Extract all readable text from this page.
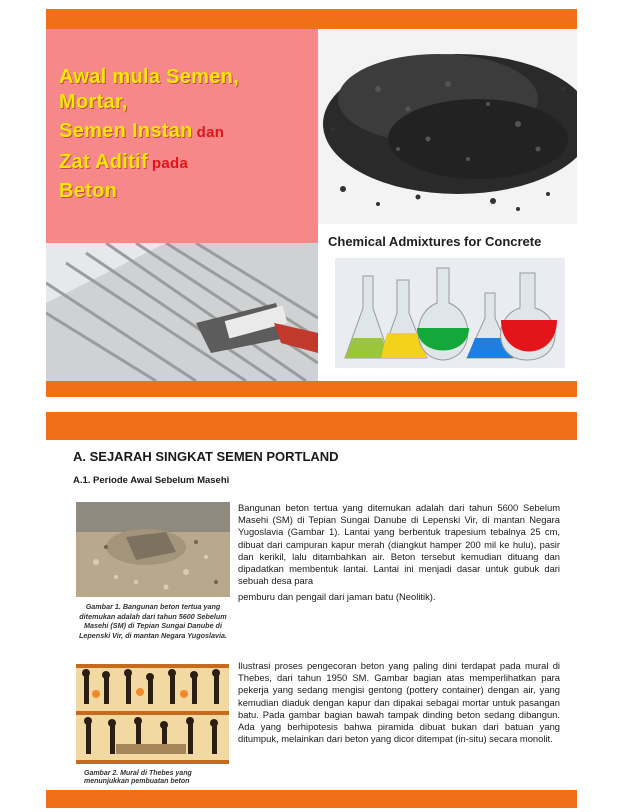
Awal mula Semen,
Mortar,
Semen Instan dan
Zat Aditif pada
Beton
Chemical Admixtures for Concrete
A. SEJARAH SINGKAT SEMEN PORTLAND
A.1. Periode Awal Sebelum Masehi
Gambar 1. Bangunan beton tertua yang ditemukan adalah dari tahun 5600 Sebelum Masehi (SM) di Tepian Sungai Danube di Lepenski Vir, di mantan Negara Yugoslavia.
Bangunan beton tertua yang ditemukan adalah dari tahun 5600 Sebelum Masehi (SM) di Tepian Sungai Danube di Lepenski Vir, di mantan Negara Yugoslavia (Gambar 1). Lantai yang berbentuk trapesium tebalnya 25 cm, dibuat dari campuran kapur merah (diangkut hamper 200 mil ke hulu), pasir dan kerikil, lalu ditambahkan air. Beton tersebut kemudian dituang dan dipadatkan membentuk lantai. Lantai ini menjadi dasar untuk gubuk dari sebuah desa para
pemburu dan pengail dari jaman batu (Neolitik).
Ilustrasi proses pengecoran beton yang paling dini terdapat pada mural di Thebes, dari tahun 1950 SM. Gambar bagian atas memperlihatkan para pekerja yang sedang mengisi gentong (pottery container) dengan air, yang kemudian diaduk dengan kapur dan dipakai sebagai mortar untuk pasangan batu. Pada gambar bagian bawah tampak dinding beton sedang dibangun. Ada yang berhipotesis bahwa piramida dibuat bukan dari batuan yang ditumpuk, melainkan dari beton yang dicor ditempat (in-situ) secara monolit.
Gambar 2. Mural di Thebes yang menunjukkan pembuatan beton
